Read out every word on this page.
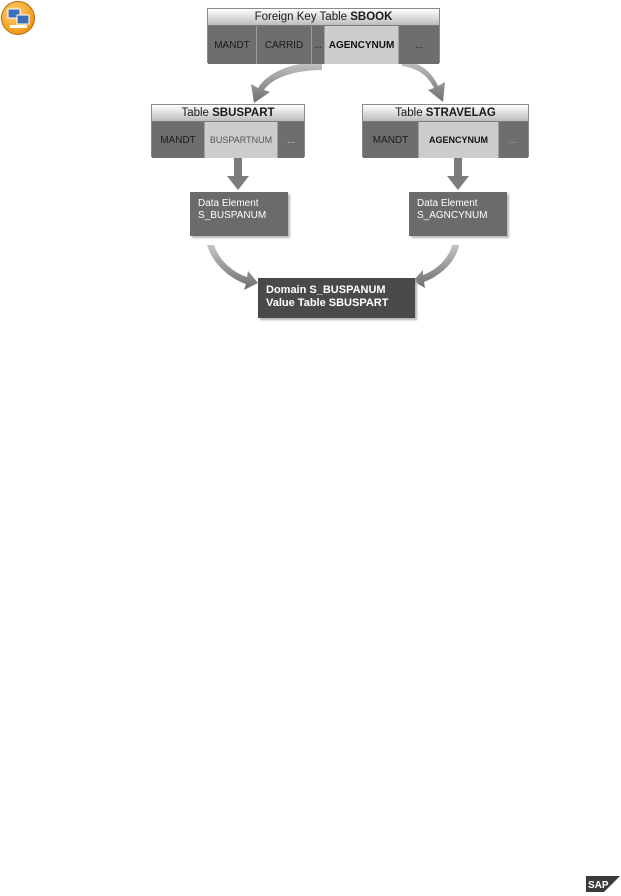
Foreign Key Table SBOOK
MANDT	CARRID	... AGENCYNUM	...
Table SBUSPART
MANDT	BUSPARTNUM	...
Table STRAVELAG
MANDT	AGENCYNUM	...
Data Element
S_BUSPANUM
Data Element
S_AGNCYNUM
Domain S_BUSPANUM
Value Table SBUSPART
SAP
